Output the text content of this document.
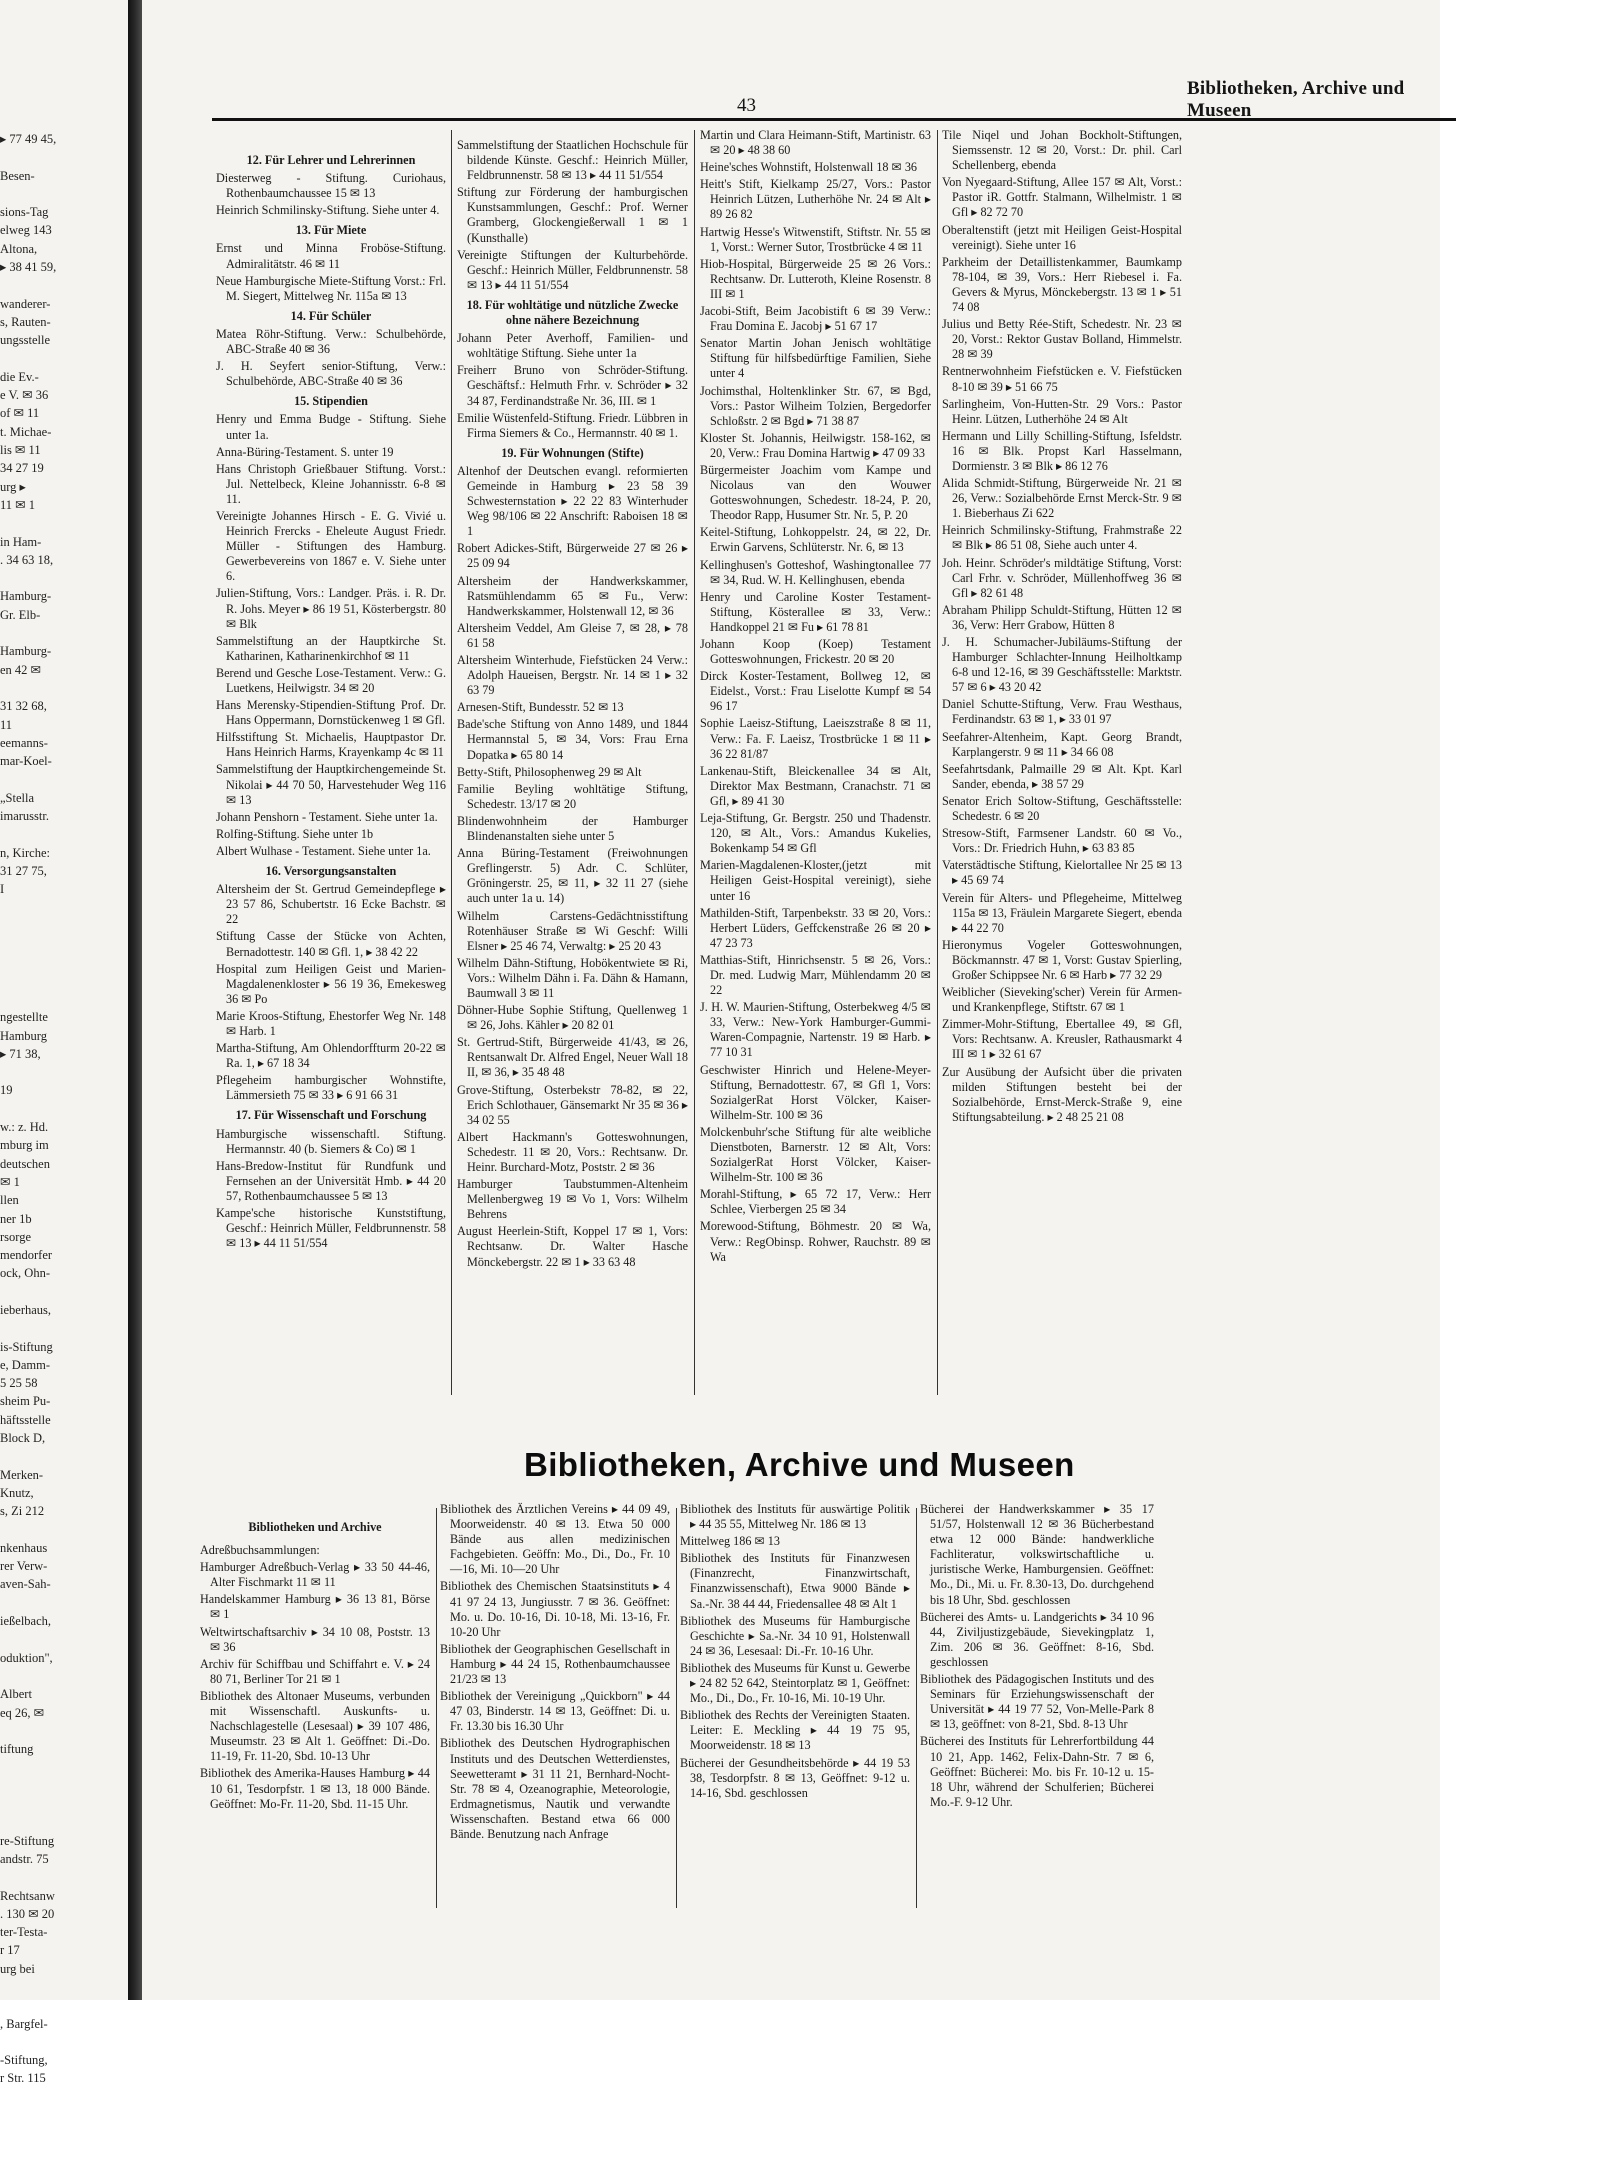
▸ 77 49 45,

Besen-

sions-Tag
elweg 143
Altona,
▸ 38 41 59,

wanderer-
s, Rauten-
ungsstelle

die Ev.-
e V. ✉ 36
of ✉ 11
t. Michae-
lis ✉ 11
34 27 19
urg ▸
11 ✉ 1

in Ham-
. 34 63 18,

Hamburg-
Gr. Elb-

Hamburg-
en 42 ✉

31 32 68,
11
eemanns-
mar-Koel-

„Stella
imarusstr.

n, Kirche:
31 27 75,
I

ngestellte
Hamburg
▸ 71 38,

19

w.: z. Hd.
mburg im
deutschen
✉ 1
llen
ner 1b
rsorge
mendorfer
ock, Ohn-

ieberhaus,

is-Stiftung
e, Damm-
5 25 58
sheim Pu-
häftsstelle
Block D,

Merken-
Knutz,
s, Zi 212

nkenhaus
rer Verw-
aven-Sah-

ießelbach,

oduktion",

Albert
eq 26, ✉

tiftung

re-Stiftung
andstr. 75

Rechtsanw
. 130 ✉ 20
ter-Testa-
r 17
urg bei

, Bargfel-

-Stiftung,
r Str. 115
43
Bibliotheken, Archive und Museen
12. Für Lehrer und Lehrerinnen

Diesterweg - Stiftung. Curiohaus, Rothenbaumchaussee 15 ✉ 13

Heinrich Schmilinsky-Stiftung. Siehe unter 4.

13. Für Miete

Ernst und Minna Froböse-Stiftung. Admiralitätstr. 46 ✉ 11

Neue Hamburgische Miete-Stiftung Vorst.: Frl. M. Siegert, Mittelweg Nr. 115a ✉ 13

14. Für Schüler

Matea Röhr-Stiftung. Verw.: Schulbehörde, ABC-Straße 40 ✉ 36

J. H. Seyfert senior-Stiftung, Verw.: Schulbehörde, ABC-Straße 40 ✉ 36

15. Stipendien

Henry und Emma Budge - Stiftung. Siehe unter 1a.

Anna-Büring-Testament. S. unter 19

Hans Christoph Grießbauer Stiftung. Vorst.: Jul. Nettelbeck, Kleine Johannisstr. 6-8 ✉ 11.

Vereinigte Johannes Hirsch - E. G. Vivié u. Heinrich Frercks - Eheleute August Friedr. Müller - Stiftungen des Hamburg. Gewerbevereins von 1867 e. V. Siehe unter 6.

Julien-Stiftung, Vors.: Landger. Präs. i. R. Dr. R. Johs. Meyer ▸ 86 19 51, Kösterbergstr. 80 ✉ Blk

Sammelstiftung an der Hauptkirche St. Katharinen, Katharinenkirchhof ✉ 11

Berend und Gesche Lose-Testament. Verw.: G. Luetkens, Heilwigstr. 34 ✉ 20

Hans Merensky-Stipendien-Stiftung Prof. Dr. Hans Oppermann, Dornstückenweg 1 ✉ Gfl.

Hilfsstiftung St. Michaelis, Hauptpastor Dr. Hans Heinrich Harms, Krayenkamp 4c ✉ 11

Sammelstiftung der Hauptkirchengemeinde St. Nikolai ▸ 44 70 50, Harvestehuder Weg 116 ✉ 13

Johann Penshorn - Testament. Siehe unter 1a.

Rolfing-Stiftung. Siehe unter 1b

Albert Wulhase - Testament. Siehe unter 1a.

16. Versorgungsanstalten

Altersheim der St. Gertrud Gemeindepflege ▸ 23 57 86, Schubertstr. 16 Ecke Bachstr. ✉ 22

Stiftung Casse der Stücke von Achten, Bernadottestr. 140 ✉ Gfl. 1, ▸ 38 42 22

Hospital zum Heiligen Geist und Marien-Magdalenenkloster ▸ 56 19 36, Emekesweg 36 ✉ Po

Marie Kroos-Stiftung, Ehestorfer Weg Nr. 148 ✉ Harb. 1

Martha-Stiftung, Am Ohlendorffturm 20-22 ✉ Ra. 1, ▸ 67 18 34

Pflegeheim hamburgischer Wohnstifte, Lämmersieth 75 ✉ 33 ▸ 6 91 66 31

17. Für Wissenschaft und Forschung

Hamburgische wissenschaftl. Stiftung. Hermannstr. 40 (b. Siemers & Co) ✉ 1

Hans-Bredow-Institut für Rundfunk und Fernsehen an der Universität Hmb. ▸ 44 20 57, Rothenbaumchaussee 5 ✉ 13

Kampe'sche historische Kunststiftung, Geschf.: Heinrich Müller, Feldbrunnenstr. 58 ✉ 13 ▸ 44 11 51/554

Sammelstiftung der Staatlichen Hochschule für bildende Künste. Geschf.: Heinrich Müller, Feldbrunnenstr. 58 ✉ 13 ▸ 44 11 51/554

Stiftung zur Förderung der hamburgischen Kunstsammlungen, Geschf.: Prof. Werner Gramberg, Glockengießerwall 1 ✉ 1 (Kunsthalle)

Vereinigte Stiftungen der Kulturbehörde. Geschf.: Heinrich Müller, Feldbrunnenstr. 58 ✉ 13 ▸ 44 11 51/554

18. Für wohltätige und nützliche Zwecke ohne nähere Bezeichnung

Johann Peter Averhoff, Familien- und wohltätige Stiftung. Siehe unter 1a

Freiherr Bruno von Schröder-Stiftung. Geschäftsf.: Helmuth Frhr. v. Schröder ▸ 32 34 87, Ferdinandstraße Nr. 36, III. ✉ 1

Emilie Wüstenfeld-Stiftung. Friedr. Lübbren in Firma Siemers & Co., Hermannstr. 40 ✉ 1.

19. Für Wohnungen (Stifte)

Altenhof der Deutschen evangl. reformierten Gemeinde in Hamburg ▸ 23 58 39 Schwesternstation ▸ 22 22 83 Winterhuder Weg 98/106 ✉ 22 Anschrift: Raboisen 18 ✉ 1

Robert Adickes-Stift, Bürgerweide 27 ✉ 26 ▸ 25 09 94

Altersheim der Handwerkskammer, Ratsmühlendamm 65 ✉ Fu., Verw: Handwerkskammer, Holstenwall 12, ✉ 36

Altersheim Veddel, Am Gleise 7, ✉ 28, ▸ 78 61 58

Altersheim Winterhude, Fiefstücken 24 Verw.: Adolph Haueisen, Bergstr. Nr. 14 ✉ 1 ▸ 32 63 79

Arnesen-Stift, Bundesstr. 52 ✉ 13

Bade'sche Stiftung von Anno 1489, und 1844 Hermannstal 5, ✉ 34, Vors: Frau Erna Dopatka ▸ 65 80 14

Betty-Stift, Philosophenweg 29 ✉ Alt

Familie Beyling wohltätige Stiftung, Schedestr. 13/17 ✉ 20

Blindenwohnheim der Hamburger Blindenanstalten siehe unter 5

Anna Büring-Testament (Freiwohnungen Greflingerstr. 5) Adr. C. Schlüter, Gröningerstr. 25, ✉ 11, ▸ 32 11 27 (siehe auch unter 1a u. 14)

Wilhelm Carstens-Gedächtnisstiftung Rotenhäuser Straße ✉ Wi Geschf: Willi Elsner ▸ 25 46 74, Verwaltg: ▸ 25 20 43

Wilhelm Dähn-Stiftung, Hobökentwiete ✉ Ri, Vors.: Wilhelm Dähn i. Fa. Dähn & Hamann, Baumwall 3 ✉ 11

Döhner-Hube Sophie Stiftung, Quellenweg 1 ✉ 26, Johs. Kähler ▸ 20 82 01

St. Gertrud-Stift, Bürgerweide 41/43, ✉ 26, Rentsanwalt Dr. Alfred Engel, Neuer Wall 18 II, ✉ 36, ▸ 35 48 48

Grove-Stiftung, Osterbekstr 78-82, ✉ 22, Erich Schlothauer, Gänsemarkt Nr 35 ✉ 36 ▸ 34 02 55

Albert Hackmann's Gotteswohnungen, Schedestr. 11 ✉ 20, Vors.: Rechtsanw. Dr. Heinr. Burchard-Motz, Poststr. 2 ✉ 36

Hamburger Taubstummen-Altenheim Mellenbergweg 19 ✉ Vo 1, Vors: Wilhelm Behrens

August Heerlein-Stift, Koppel 17 ✉ 1, Vors: Rechtsanw. Dr. Walter Hasche Mönckebergstr. 22 ✉ 1 ▸ 33 63 48

Martin und Clara Heimann-Stift, Martinistr. 63 ✉ 20 ▸ 48 38 60

Heine'sches Wohnstift, Holstenwall 18 ✉ 36

Heitt's Stift, Kielkamp 25/27, Vors.: Pastor Heinrich Lützen, Lutherhöhe Nr. 24 ✉ Alt ▸ 89 26 82

Hartwig Hesse's Witwenstift, Stiftstr. Nr. 55 ✉ 1, Vorst.: Werner Sutor, Trostbrücke 4 ✉ 11

Hiob-Hospital, Bürgerweide 25 ✉ 26 Vors.: Rechtsanw. Dr. Lutteroth, Kleine Rosenstr. 8 III ✉ 1

Jacobi-Stift, Beim Jacobistift 6 ✉ 39 Verw.: Frau Domina E. Jacobj ▸ 51 67 17

Senator Martin Johan Jenisch wohltätige Stiftung für hilfsbedürftige Familien, Siehe unter 4

Jochimsthal, Holtenklinker Str. 67, ✉ Bgd, Vors.: Pastor Wilheim Tolzien, Bergedorfer Schloßstr. 2 ✉ Bgd ▸ 71 38 87

Kloster St. Johannis, Heilwigstr. 158-162, ✉ 20, Verw.: Frau Domina Hartwig ▸ 47 09 33

Bürgermeister Joachim vom Kampe und Nicolaus van den Wouwer Gotteswohnungen, Schedestr. 18-24, P. 20, Theodor Rapp, Husumer Str. Nr. 5, P. 20

Keitel-Stiftung, Lohkoppelstr. 24, ✉ 22, Dr. Erwin Garvens, Schlüterstr. Nr. 6, ✉ 13

Kellinghusen's Gotteshof, Washingtonallee 77 ✉ 34, Rud. W. H. Kellinghusen, ebenda

Henry und Caroline Koster Testament-Stiftung, Kösterallee ✉ 33, Verw.: Handkoppel 21 ✉ Fu ▸ 61 78 81

Johann Koop (Koep) Testament Gotteswohnungen, Frickestr. 20 ✉ 20

Dirck Koster-Testament, Bollweg 12, ✉ Eidelst., Vorst.: Frau Liselotte Kumpf ✉ 54 96 17

Sophie Laeisz-Stiftung, Laeiszstraße 8 ✉ 11, Verw.: Fa. F. Laeisz, Trostbrücke 1 ✉ 11 ▸ 36 22 81/87

Lankenau-Stift, Bleickenallee 34 ✉ Alt, Direktor Max Bestmann, Cranachstr. 71 ✉ Gfl, ▸ 89 41 30

Leja-Stiftung, Gr. Bergstr. 250 und Thadenstr. 120, ✉ Alt., Vors.: Amandus Kukelies, Bokenkamp 54 ✉ Gfl

Marien-Magdalenen-Kloster,(jetzt mit Heiligen Geist-Hospital vereinigt), siehe unter 16

Mathilden-Stift, Tarpenbekstr. 33 ✉ 20, Vors.: Herbert Lüders, Geffckenstraße 26 ✉ 20 ▸ 47 23 73

Matthias-Stift, Hinrichsenstr. 5 ✉ 26, Vors.: Dr. med. Ludwig Marr, Mühlendamm 20 ✉ 22

J. H. W. Maurien-Stiftung, Osterbekweg 4/5 ✉ 33, Verw.: New-York Hamburger-Gummi-Waren-Compagnie, Nartenstr. 19 ✉ Harb. ▸ 77 10 31

Geschwister Hinrich und Helene-Meyer-Stiftung, Bernadottestr. 67, ✉ Gfl 1, Vors: SozialgerRat Horst Völcker, Kaiser-Wilhelm-Str. 100 ✉ 36

Molckenbuhr'sche Stiftung für alte weibliche Dienstboten, Barnerstr. 12 ✉ Alt, Vors: SozialgerRat Horst Völcker, Kaiser-Wilhelm-Str. 100 ✉ 36

Morahl-Stiftung, ▸ 65 72 17, Verw.: Herr Schlee, Vierbergen 25 ✉ 34

Morewood-Stiftung, Böhmestr. 20 ✉ Wa, Verw.: RegObinsp. Rohwer, Rauchstr. 89 ✉ Wa

Tile Niqel und Johan Bockholt-Stiftungen, Siemssenstr. 12 ✉ 20, Vorst.: Dr. phil. Carl Schellenberg, ebenda

Von Nyegaard-Stiftung, Allee 157 ✉ Alt, Vorst.: Pastor iR. Gottfr. Stalmann, Wilhelmistr. 1 ✉ Gfl ▸ 82 72 70

Oberaltenstift (jetzt mit Heiligen Geist-Hospital vereinigt). Siehe unter 16

Parkheim der Detaillistenkammer, Baumkamp 78-104, ✉ 39, Vors.: Herr Riebesel i. Fa. Gevers & Myrus, Mönckebergstr. 13 ✉ 1 ▸ 51 74 08

Julius und Betty Rée-Stift, Schedestr. Nr. 23 ✉ 20, Vorst.: Rektor Gustav Bolland, Himmelstr. 28 ✉ 39

Rentnerwohnheim Fiefstücken e. V. Fiefstücken 8-10 ✉ 39 ▸ 51 66 75

Sarlingheim, Von-Hutten-Str. 29 Vors.: Pastor Heinr. Lützen, Lutherhöhe 24 ✉ Alt

Hermann und Lilly Schilling-Stiftung, Isfeldstr. 16 ✉ Blk. Propst Karl Hasselmann, Dormienstr. 3 ✉ Blk ▸ 86 12 76

Alida Schmidt-Stiftung, Bürgerweide Nr. 21 ✉ 26, Verw.: Sozialbehörde Ernst Merck-Str. 9 ✉ 1. Bieberhaus Zi 622

Heinrich Schmilinsky-Stiftung, Frahmstraße 22 ✉ Blk ▸ 86 51 08, Siehe auch unter 4.

Joh. Heinr. Schröder's mildtätige Stiftung, Vorst: Carl Frhr. v. Schröder, Müllenhoffweg 36 ✉ Gfl ▸ 82 61 48

Abraham Philipp Schuldt-Stiftung, Hütten 12 ✉ 36, Verw: Herr Grabow, Hütten 8

J. H. Schumacher-Jubiläums-Stiftung der Hamburger Schlachter-Innung Heilholtkamp 6-8 und 12-16, ✉ 39 Geschäftsstelle: Marktstr. 57 ✉ 6 ▸ 43 20 42

Daniel Schutte-Stiftung, Verw. Frau Westhaus, Ferdinandstr. 63 ✉ 1, ▸ 33 01 97

Seefahrer-Altenheim, Kapt. Georg Brandt, Karplangerstr. 9 ✉ 11 ▸ 34 66 08

Seefahrtsdank, Palmaille 29 ✉ Alt. Kpt. Karl Sander, ebenda, ▸ 38 57 29

Senator Erich Soltow-Stiftung, Geschäftsstelle: Schedestr. 6 ✉ 20

Stresow-Stift, Farmsener Landstr. 60 ✉ Vo., Vors.: Dr. Friedrich Huhn, ▸ 63 83 85

Vaterstädtische Stiftung, Kielortallee Nr 25 ✉ 13 ▸ 45 69 74

Verein für Alters- und Pflegeheime, Mittelweg 115a ✉ 13, Fräulein Margarete Siegert, ebenda ▸ 44 22 70

Hieronymus Vogeler Gotteswohnungen, Böckmannstr. 47 ✉ 1, Vorst: Gustav Spierling, Großer Schippsee Nr. 6 ✉ Harb ▸ 77 32 29

Weiblicher (Sieveking'scher) Verein für Armen- und Krankenpflege, Stiftstr. 67 ✉ 1

Zimmer-Mohr-Stiftung, Ebertallee 49, ✉ Gfl, Vors: Rechtsanw. A. Kreusler, Rathausmarkt 4 III ✉ 1 ▸ 32 61 67

Zur Ausübung der Aufsicht über die privaten milden Stiftungen besteht bei der Sozialbehörde, Ernst-Merck-Straße 9, eine Stiftungsabteilung. ▸ 2 48 25 21 08

Bibliotheken, Archive und Museen
Bibliotheken und Archive

Adreßbuchsammlungen:

Hamburger Adreßbuch-Verlag ▸ 33 50 44-46, Alter Fischmarkt 11 ✉ 11

Handelskammer Hamburg ▸ 36 13 81, Börse ✉ 1

Weltwirtschaftsarchiv ▸ 34 10 08, Poststr. 13 ✉ 36

Archiv für Schiffbau und Schiffahrt e. V. ▸ 24 80 71, Berliner Tor 21 ✉ 1

Bibliothek des Altonaer Museums, verbunden mit Wissenschaftl. Auskunfts- u. Nachschlagestelle (Lesesaal) ▸ 39 107 486, Museumstr. 23 ✉ Alt 1. Geöffnet: Di.-Do. 11-19, Fr. 11-20, Sbd. 10-13 Uhr

Bibliothek des Amerika-Hauses Hamburg ▸ 44 10 61, Tesdorpfstr. 1 ✉ 13, 18 000 Bände. Geöffnet: Mo-Fr. 11-20, Sbd. 11-15 Uhr.

Bibliothek des Ärztlichen Vereins ▸ 44 09 49, Moorweidenstr. 40 ✉ 13. Etwa 50 000 Bände aus allen medizinischen Fachgebieten. Geöffn: Mo., Di., Do., Fr. 10—16, Mi. 10—20 Uhr

Bibliothek des Chemischen Staatsinstituts ▸ 4 41 97 24 13, Jungiusstr. 7 ✉ 36. Geöffnet: Mo. u. Do. 10-16, Di. 10-18, Mi. 13-16, Fr. 10-20 Uhr

Bibliothek der Geographischen Gesellschaft in Hamburg ▸ 44 24 15, Rothenbaumchaussee 21/23 ✉ 13

Bibliothek der Vereinigung „Quickborn" ▸ 44 47 03, Binderstr. 14 ✉ 13, Geöffnet: Di. u. Fr. 13.30 bis 16.30 Uhr

Bibliothek des Deutschen Hydrographischen Instituts und des Deutschen Wetterdienstes, Seewetteramt ▸ 31 11 21, Bernhard-Nocht-Str. 78 ✉ 4, Ozeanographie, Meteorologie, Erdmagnetismus, Nautik und verwandte Wissenschaften. Bestand etwa 66 000 Bände. Benutzung nach Anfrage

Bibliothek des Instituts für auswärtige Politik ▸ 44 35 55, Mittelweg Nr. 186 ✉ 13

Mittelweg 186 ✉ 13

Bibliothek des Instituts für Finanzwesen (Finanzrecht, Finanzwirtschaft, Finanzwissenschaft), Etwa 9000 Bände ▸ Sa.-Nr. 38 44 44, Friedensallee 48 ✉ Alt 1

Bibliothek des Museums für Hamburgische Geschichte ▸ Sa.-Nr. 34 10 91, Holstenwall 24 ✉ 36, Lesesaal: Di.-Fr. 10-16 Uhr.

Bibliothek des Museums für Kunst u. Gewerbe ▸ 24 82 52 642, Steintorplatz ✉ 1, Geöffnet: Mo., Di., Do., Fr. 10-16, Mi. 10-19 Uhr.

Bibliothek des Rechts der Vereinigten Staaten. Leiter: E. Meckling ▸ 44 19 75 95, Moorweidenstr. 18 ✉ 13

Bücherei der Gesundheitsbehörde ▸ 44 19 53 38, Tesdorpfstr. 8 ✉ 13, Geöffnet: 9-12 u. 14-16, Sbd. geschlossen

Bücherei der Handwerkskammer ▸ 35 17 51/57, Holstenwall 12 ✉ 36 Bücherbestand etwa 12 000 Bände: handwerkliche Fachliteratur, volkswirtschaftliche u. juristische Werke, Hamburgensien. Geöffnet: Mo., Di., Mi. u. Fr. 8.30-13, Do. durchgehend bis 18 Uhr, Sbd. geschlossen

Bücherei des Amts- u. Landgerichts ▸ 34 10 96 44, Ziviljustizgebäude, Sievekingplatz 1, Zim. 206 ✉ 36. Geöffnet: 8-16, Sbd. geschlossen

Bibliothek des Pädagogischen Instituts und des Seminars für Erziehungswissenschaft der Universität ▸ 44 19 77 52, Von-Melle-Park 8 ✉ 13, geöffnet: von 8-21, Sbd. 8-13 Uhr

Bücherei des Instituts für Lehrerfortbildung 44 10 21, App. 1462, Felix-Dahn-Str. 7 ✉ 6, Geöffnet: Bücherei: Mo. bis Fr. 10-12 u. 15-18 Uhr, während der Schulferien; Bücherei Mo.-F. 9-12 Uhr.
